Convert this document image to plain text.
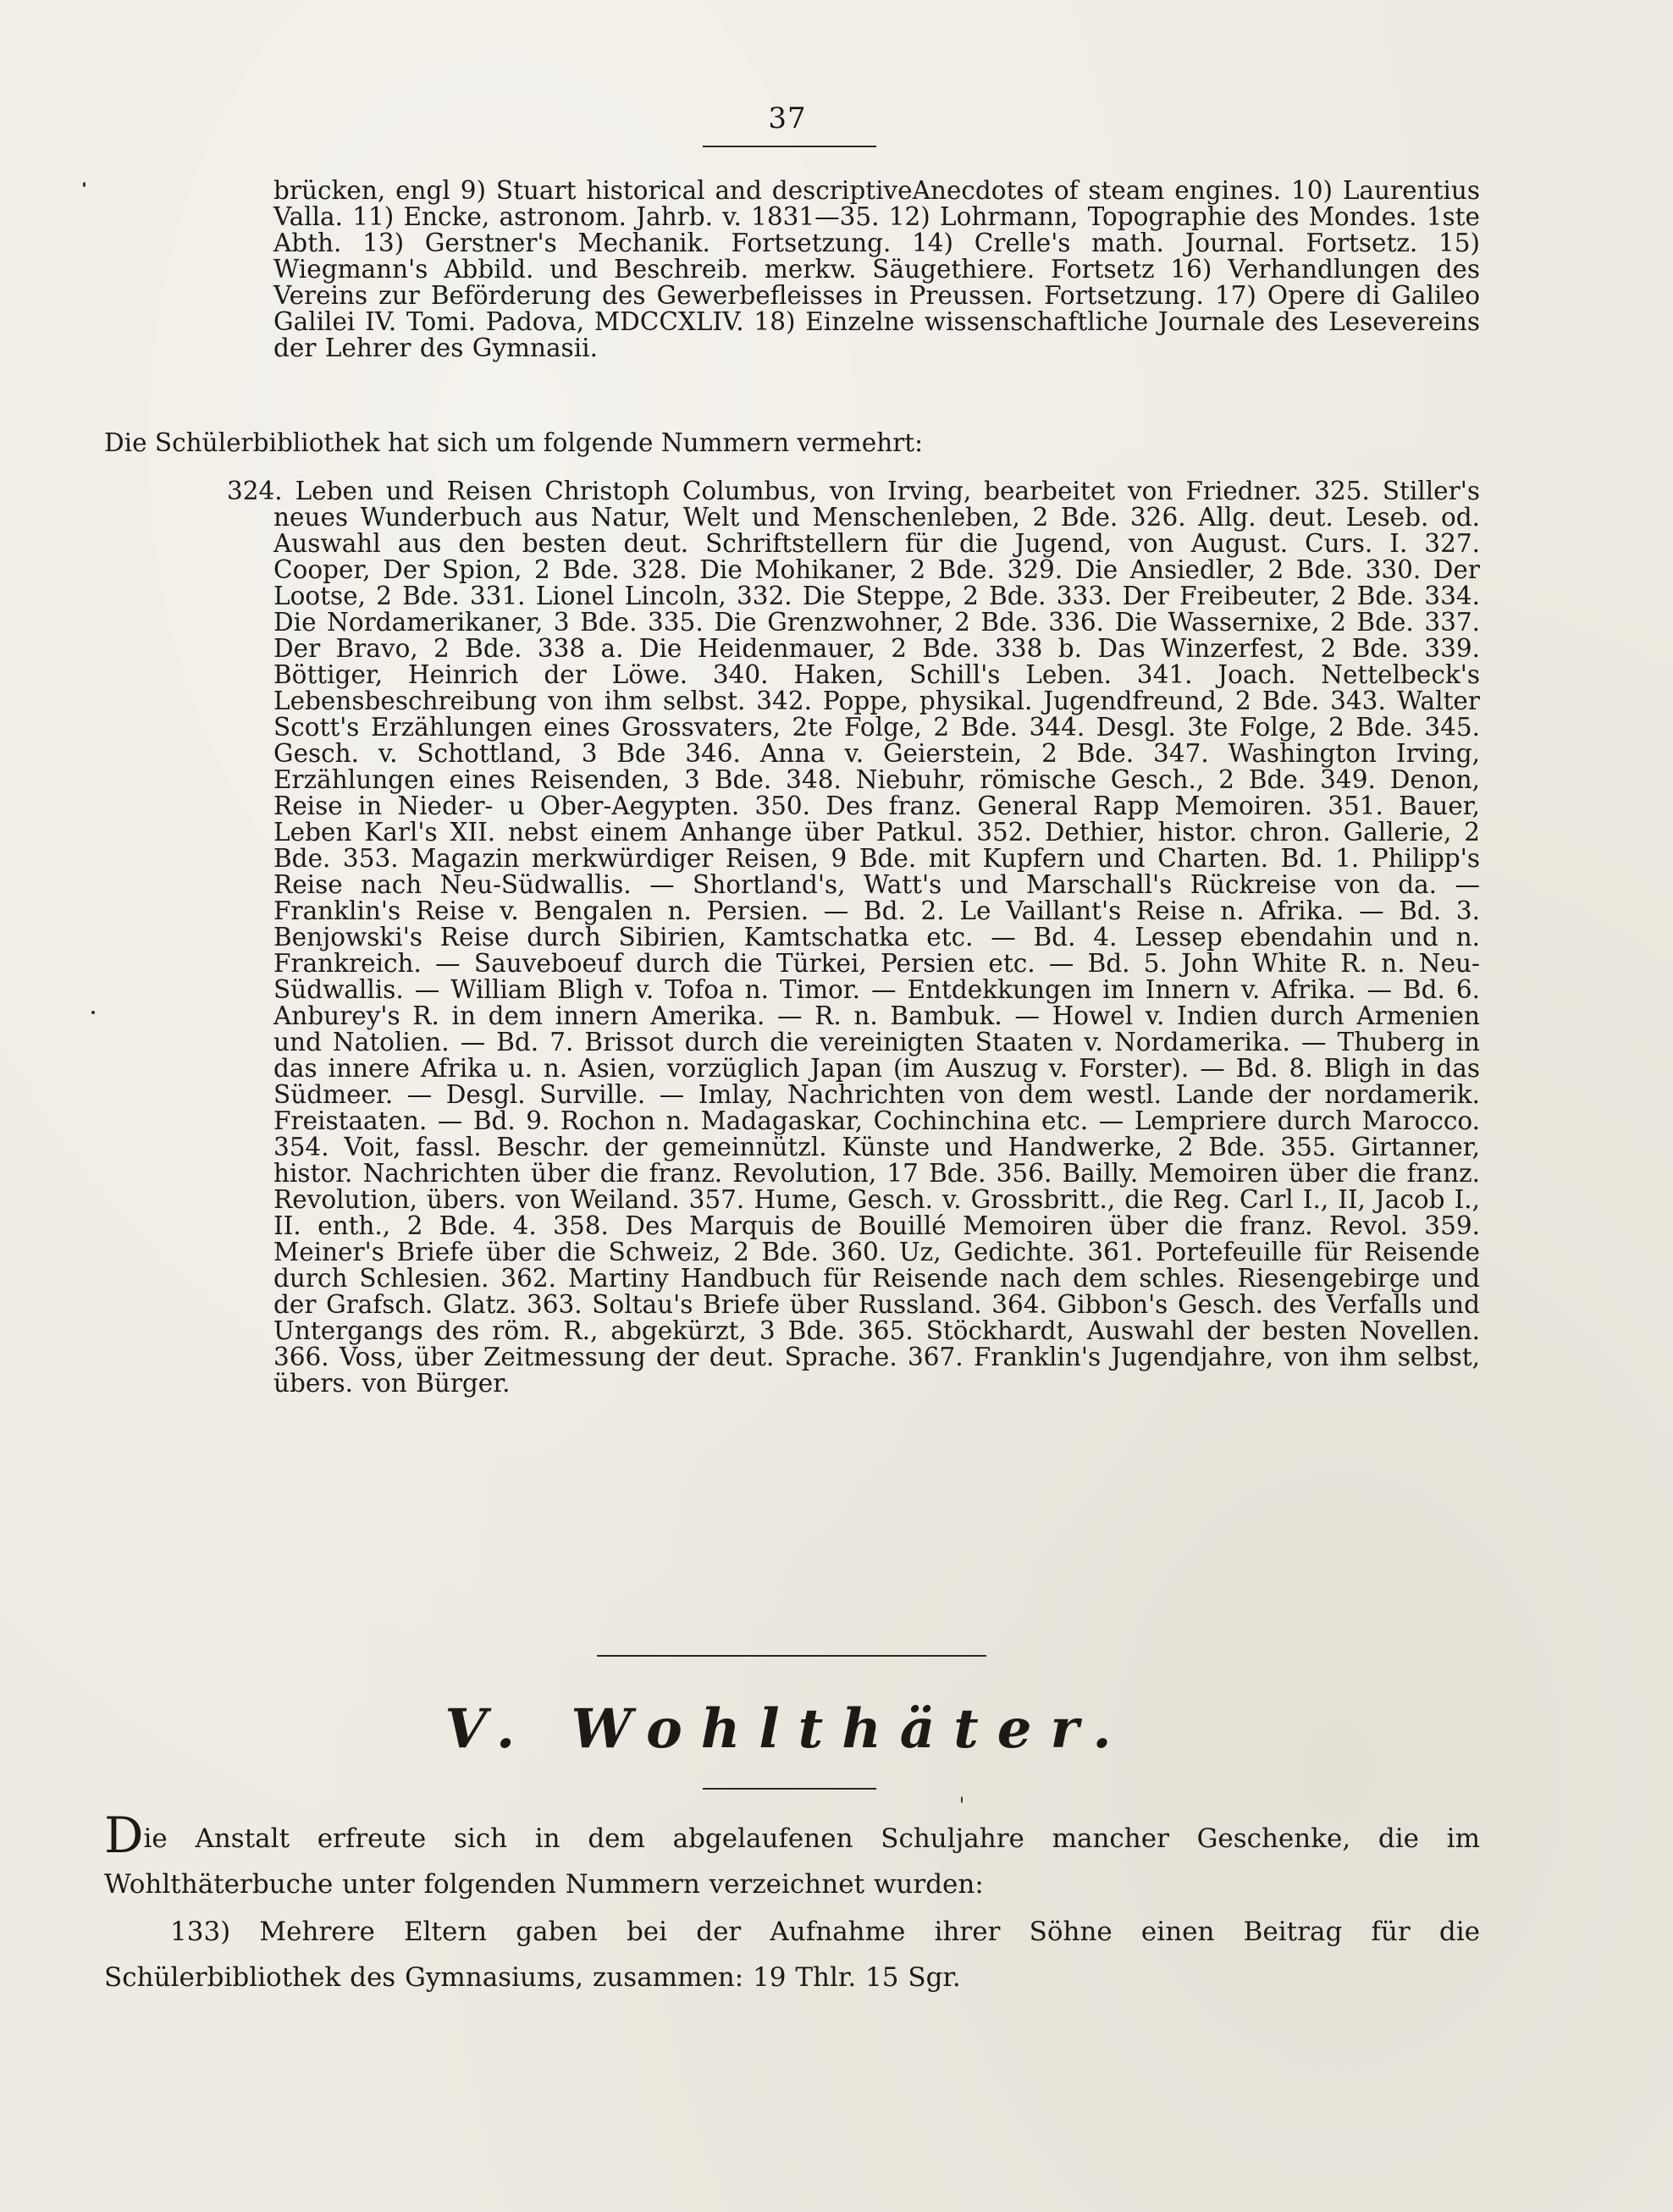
37
brücken, engl 9) Stuart historical and descriptiveAnecdotes of steam engines. 10) Laurentius Valla. 11) Encke, astronom. Jahrb. v. 1831—35. 12) Lohrmann, Topographie des Mondes. 1ste Abth. 13) Gerstner's Mechanik. Fortsetzung. 14) Crelle's math. Journal. Fortsetz. 15) Wiegmann's Abbild. und Beschreib. merkw. Säugethiere. Fortsetz 16) Verhandlungen des Vereins zur Beförderung des Gewerbefleisses in Preussen. Fortsetzung. 17) Opere di Galileo Galilei IV. Tomi. Padova, MDCCXLIV. 18) Einzelne wissenschaftliche Journale des Lesevereins der Lehrer des Gymnasii.
Die Schülerbibliothek hat sich um folgende Nummern vermehrt:
324. Leben und Reisen Christoph Columbus, von Irving, bearbeitet von Friedner. 325. Stiller's neues Wunderbuch aus Natur, Welt und Menschenleben, 2 Bde. 326. Allg. deut. Leseb. od. Auswahl aus den besten deut. Schriftstellern für die Jugend, von August. Curs. I. 327. Cooper, Der Spion, 2 Bde. 328. Die Mohikaner, 2 Bde. 329. Die Ansiedler, 2 Bde. 330. Der Lootse, 2 Bde. 331. Lionel Lincoln, 332. Die Steppe, 2 Bde. 333. Der Freibeuter, 2 Bde. 334. Die Nordamerikaner, 3 Bde. 335. Die Grenzwohner, 2 Bde. 336. Die Wassernixe, 2 Bde. 337. Der Bravo, 2 Bde. 338 a. Die Heidenmauer, 2 Bde. 338 b. Das Winzerfest, 2 Bde. 339. Böttiger, Heinrich der Löwe. 340. Haken, Schill's Leben. 341. Joach. Nettelbeck's Lebensbeschreibung von ihm selbst. 342. Poppe, physikal. Jugendfreund, 2 Bde. 343. Walter Scott's Erzählungen eines Grossvaters, 2te Folge, 2 Bde. 344. Desgl. 3te Folge, 2 Bde. 345. Gesch. v. Schottland, 3 Bde 346. Anna v. Geierstein, 2 Bde. 347. Washington Irving, Erzählungen eines Reisenden, 3 Bde. 348. Niebuhr, römische Gesch., 2 Bde. 349. Denon, Reise in Nieder- u Ober-Aegypten. 350. Des franz. General Rapp Memoiren. 351. Bauer, Leben Karl's XII. nebst einem Anhange über Patkul. 352. Dethier, histor. chron. Gallerie, 2 Bde. 353. Magazin merkwürdiger Reisen, 9 Bde. mit Kupfern und Charten. Bd. 1. Philipp's Reise nach Neu-Südwallis. — Shortland's, Watt's und Marschall's Rückreise von da. — Franklin's Reise v. Bengalen n. Persien. — Bd. 2. Le Vaillant's Reise n. Afrika. — Bd. 3. Benjowski's Reise durch Sibirien, Kamtschatka etc. — Bd. 4. Lessep ebendahin und n. Frankreich. — Sauveboeuf durch die Türkei, Persien etc. — Bd. 5. John White R. n. Neu-Südwallis. — William Bligh v. Tofoa n. Timor. — Entdekkungen im Innern v. Afrika. — Bd. 6. Anburey's R. in dem innern Amerika. — R. n. Bambuk. — Howel v. Indien durch Armenien und Natolien. — Bd. 7. Brissot durch die vereinigten Staaten v. Nordamerika. — Thuberg in das innere Afrika u. n. Asien, vorzüglich Japan (im Auszug v. Forster). — Bd. 8. Bligh in das Südmeer. — Desgl. Surville. — Imlay, Nachrichten von dem westl. Lande der nordamerik. Freistaaten. — Bd. 9. Rochon n. Madagaskar, Cochinchina etc. — Lempriere durch Marocco. 354. Voit, fassl. Beschr. der gemeinnützl. Künste und Handwerke, 2 Bde. 355. Girtanner, histor. Nachrichten über die franz. Revolution, 17 Bde. 356. Bailly. Memoiren über die franz. Revolution, übers. von Weiland. 357. Hume, Gesch. v. Grossbritt., die Reg. Carl I., II, Jacob I., II. enth., 2 Bde. 4. 358. Des Marquis de Bouillé Memoiren über die franz. Revol. 359. Meiner's Briefe über die Schweiz, 2 Bde. 360. Uz, Gedichte. 361. Portefeuille für Reisende durch Schlesien. 362. Martiny Handbuch für Reisende nach dem schles. Riesengebirge und der Grafsch. Glatz. 363. Soltau's Briefe über Russland. 364. Gibbon's Gesch. des Verfalls und Untergangs des röm. R., abgekürzt, 3 Bde. 365. Stöckhardt, Auswahl der besten Novellen. 366. Voss, über Zeitmessung der deut. Sprache. 367. Franklin's Jugendjahre, von ihm selbst, übers. von Bürger.
V. Wohlthäter.
Die Anstalt erfreute sich in dem abgelaufenen Schuljahre mancher Geschenke, die im Wohlthäterbuche unter folgenden Nummern verzeichnet wurden:
133) Mehrere Eltern gaben bei der Aufnahme ihrer Söhne einen Beitrag für die Schülerbibliothek des Gymnasiums, zusammen: 19 Thlr. 15 Sgr.
